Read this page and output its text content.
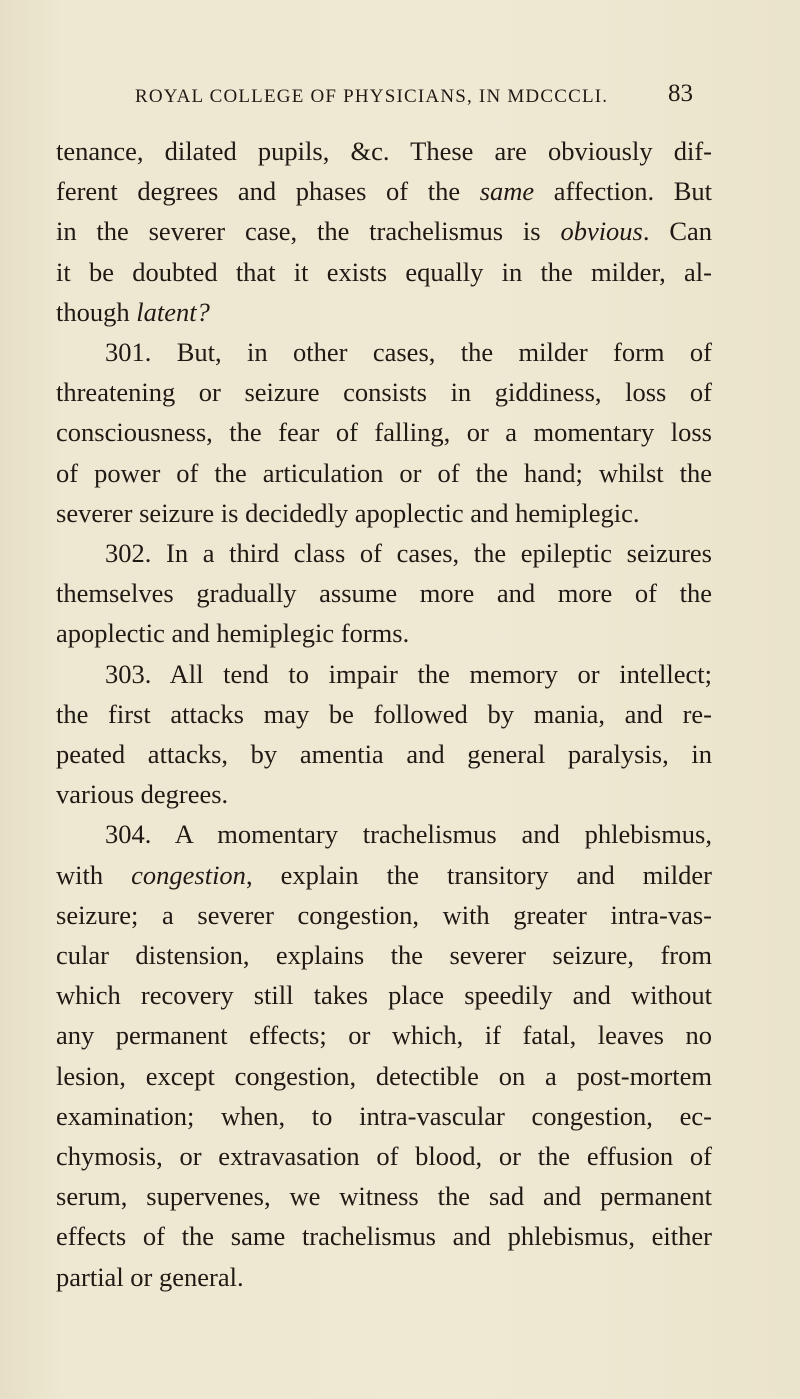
ROYAL COLLEGE OF PHYSICIANS, IN MDCCCLI. 83

tenance, dilated pupils, &c. These are obviously dif-
ferent degrees and phases of the same affection. But
in the severer case, the trachelismus is obvious. Can
it be doubted that it exists equally in the milder, al-
though latent?

301. But, in other cases, the milder form of
threatening or seizure consists in giddiness, loss of
consciousness, the fear of falling, or a momentary loss
of power of the articulation or of the hand; whilst the
severer seizure is decidedly apoplectic and hemiplegic.

302. In a third class of cases, the epileptic seizures
themselves gradually assume more and more of the
apoplectic and hemiplegic forms.

303. All tend to impair the memory or intellect;
the first attacks may be followed by mania, and re-
peated attacks, by amentia and general paralysis, in
various degrees.

304. A momentary trachelismus and phlebismus,
with congestion, explain the transitory and milder
seizure; a severer congestion, with greater intra-vas-
cular distension, explains the severer seizure, from
which recovery still takes place speedily and without
any permanent effects; or which, if fatal, leaves no
lesion, except congestion, detectible on a post-mortem
examination; when, to intra-vascular congestion, ec-
chymosis, or extravasation of blood, or the effusion of
serum, supervenes, we witness the sad and permanent
effects of the same trachelismus and phlebismus, either
partial or general.
